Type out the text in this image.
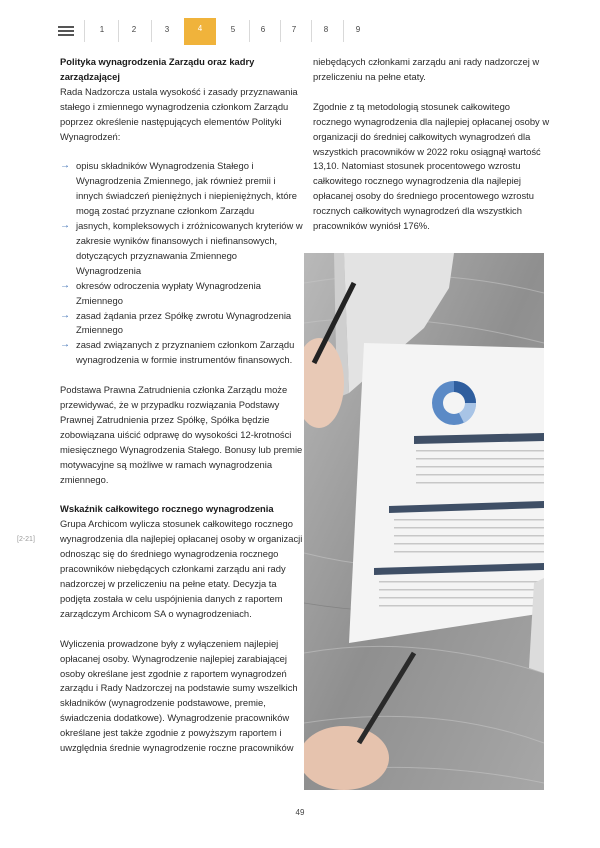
1	2	3	4	5	6	7	8	9

Polityka wynagrodzenia Zarządu oraz kadry zarządzającej

Rada Nadzorcza ustala wysokość i zasady przyznawania stałego i zmiennego wynagrodzenia członkom Zarządu poprzez określenie następujących elementów Polityki Wynagrodzeń:

→ opisu składników Wynagrodzenia Stałego i Wynagrodzenia Zmiennego, jak również premii i innych świadczeń pieniężnych i niepieniężnych, które mogą zostać przyznane członkom Zarządu
→ jasnych, kompleksowych i zróżnicowanych kryteriów w zakresie wyników finansowych i niefinansowych, dotyczących przyznawania Zmiennego Wynagrodzenia
→ okresów odroczenia wypłaty Wynagrodzenia Zmiennego
→ zasad żądania przez Spółkę zwrotu Wynagrodzenia Zmiennego
→ zasad związanych z przyznaniem członkom Zarządu wynagrodzenia w formie instrumentów finansowych.

Podstawa Prawna Zatrudnienia członka Zarządu może przewidywać, że w przypadku rozwiązania Podstawy Prawnej Zatrudnienia przez Spółkę, Spółka będzie zobowiązana uiścić odprawę do wysokości 12-krotności miesięcznego Wynagrodzenia Stałego. Bonusy lub premie motywacyjne są możliwe w ramach wynagrodzenia zmiennego.

Wskaźnik całkowitego rocznego wynagrodzenia

Grupa Archicom wylicza stosunek całkowitego rocznego wynagrodzenia dla najlepiej opłacanej osoby w organizacji odnosząc się do średniego wynagrodzenia rocznego pracowników niebędących członkami zarządu ani rady nadzorczej w przeliczeniu na pełne etaty. Decyzja ta podjęta została w celu uspójnienia danych z raportem zarządczym Archicom SA o wynagrodzeniach.

Wyliczenia prowadzone były z wyłączeniem najlepiej opłacanej osoby. Wynagrodzenie najlepiej zarabiającej osoby określane jest zgodnie z raportem wynagrodzeń zarządu i Rady Nadzorczej na podstawie sumy wszelkich składników (wynagrodzenie podstawowe, premie, świadczenia dodatkowe). Wynagrodzenie pracowników określane jest także zgodnie z powyższym raportem i uwzględnia średnie wynagrodzenie roczne pracowników

[2-21]

niebędących członkami zarządu ani rady nadzorczej w przeliczeniu na pełne etaty.

Zgodnie z tą metodologią stosunek całkowitego rocznego wynagrodzenia dla najlepiej opłacanej osoby w organizacji do średniej całkowitych wynagrodzeń dla wszystkich pracowników w 2022 roku osiągnął wartość 13,10. Natomiast stosunek procentowego wzrostu całkowitego rocznego wynagrodzenia dla najlepiej opłacanej osoby do średniego procentowego wzrostu rocznych całkowitych wynagrodzeń dla wszystkich pracowników wyniósł 176%.

49
